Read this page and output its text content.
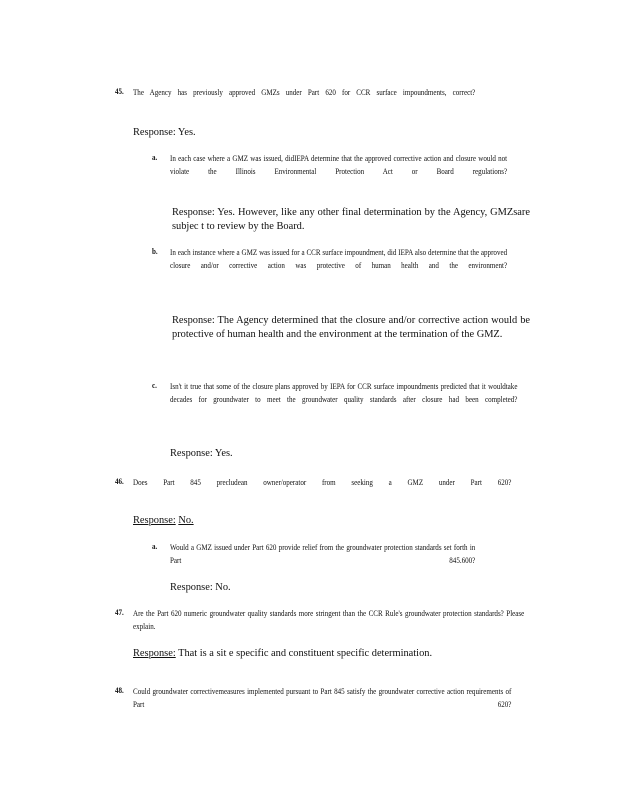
45. The Agency has previously approved GMZs under Part 620 for CCR surface impoundments, correct?
Response: Yes.
a. In each case where a GMZ was issued, didIEPA determine that the approved corrective action and closure would not violate the Illinois Environmental Protection Act or Board regulations?
Response: Yes. However, like any other final determination by the Agency, GMZsare subjec t to review by the Board.
b. In each instance where a GMZ was issued for a CCR surface impoundment, did IEPA also determine that the approved closure and/or corrective action was protective of human health and the environment?
Response: The Agency determined that the closure and/or corrective action would be protective of human health and the environment at the termination of the GMZ.
c. Isn't it true that some of the closure plans approved by IEPA for CCR surface impoundments predicted that it wouldtake decades for groundwater to meet the groundwater quality standards after closure had been completed?
Response: Yes.
46. Does Part 845 precludean owner/operator from seeking a GMZ under Part 620?
Response: No.
a. Would a GMZ issued under Part 620 provide relief from the groundwater protection standards set forth in Part 845.600?
Response: No.
47. Are the Part 620 numeric groundwater quality standards more stringent than the CCR Rule's groundwater protection standards? Please explain.
Response: That is a sit e specific and constituent specific determination.
48. Could groundwater correctivemeasures implemented pursuant to Part 845 satisfy the groundwater corrective action requirements of Part 620?
